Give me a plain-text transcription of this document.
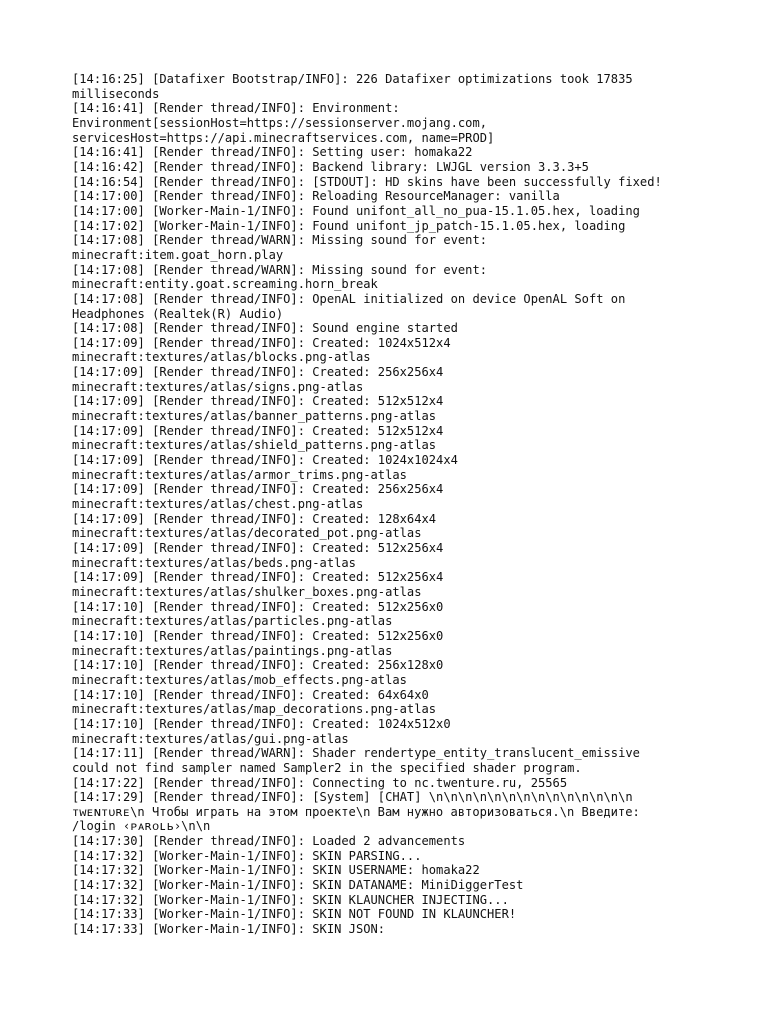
[14:16:25] [Datafixer Bootstrap/INFO]: 226 Datafixer optimizations took 17835
milliseconds
[14:16:41] [Render thread/INFO]: Environment:
Environment[sessionHost=https://sessionserver.mojang.com,
servicesHost=https://api.minecraftservices.com, name=PROD]
[14:16:41] [Render thread/INFO]: Setting user: homaka22
[14:16:42] [Render thread/INFO]: Backend library: LWJGL version 3.3.3+5
[14:16:54] [Render thread/INFO]: [STDOUT]: HD skins have been successfully fixed!
[14:17:00] [Render thread/INFO]: Reloading ResourceManager: vanilla
[14:17:00] [Worker-Main-1/INFO]: Found unifont_all_no_pua-15.1.05.hex, loading
[14:17:02] [Worker-Main-1/INFO]: Found unifont_jp_patch-15.1.05.hex, loading
[14:17:08] [Render thread/WARN]: Missing sound for event:
minecraft:item.goat_horn.play
[14:17:08] [Render thread/WARN]: Missing sound for event:
minecraft:entity.goat.screaming.horn_break
[14:17:08] [Render thread/INFO]: OpenAL initialized on device OpenAL Soft on
Headphones (Realtek(R) Audio)
[14:17:08] [Render thread/INFO]: Sound engine started
[14:17:09] [Render thread/INFO]: Created: 1024x512x4
minecraft:textures/atlas/blocks.png-atlas
[14:17:09] [Render thread/INFO]: Created: 256x256x4
minecraft:textures/atlas/signs.png-atlas
[14:17:09] [Render thread/INFO]: Created: 512x512x4
minecraft:textures/atlas/banner_patterns.png-atlas
[14:17:09] [Render thread/INFO]: Created: 512x512x4
minecraft:textures/atlas/shield_patterns.png-atlas
[14:17:09] [Render thread/INFO]: Created: 1024x1024x4
minecraft:textures/atlas/armor_trims.png-atlas
[14:17:09] [Render thread/INFO]: Created: 256x256x4
minecraft:textures/atlas/chest.png-atlas
[14:17:09] [Render thread/INFO]: Created: 128x64x4
minecraft:textures/atlas/decorated_pot.png-atlas
[14:17:09] [Render thread/INFO]: Created: 512x256x4
minecraft:textures/atlas/beds.png-atlas
[14:17:09] [Render thread/INFO]: Created: 512x256x4
minecraft:textures/atlas/shulker_boxes.png-atlas
[14:17:10] [Render thread/INFO]: Created: 512x256x0
minecraft:textures/atlas/particles.png-atlas
[14:17:10] [Render thread/INFO]: Created: 512x256x0
minecraft:textures/atlas/paintings.png-atlas
[14:17:10] [Render thread/INFO]: Created: 256x128x0
minecraft:textures/atlas/mob_effects.png-atlas
[14:17:10] [Render thread/INFO]: Created: 64x64x0
minecraft:textures/atlas/map_decorations.png-atlas
[14:17:10] [Render thread/INFO]: Created: 1024x512x0
minecraft:textures/atlas/gui.png-atlas
[14:17:11] [Render thread/WARN]: Shader rendertype_entity_translucent_emissive
could not find sampler named Sampler2 in the specified shader program.
[14:17:22] [Render thread/INFO]: Connecting to nc.twenture.ru, 25565
[14:17:29] [Render thread/INFO]: [System] [CHAT] \n\n\n\n\n\n\n\n\n\n\n\n\n\n
ᴛᴡᴇɴᴛᴜʀᴇ\n Чтобы играть на этом проекте\n Вам нужно авторизоваться.\n Введите:
/login ‹ᴘᴀʀᴏʟь›\n\n
[14:17:30] [Render thread/INFO]: Loaded 2 advancements
[14:17:32] [Worker-Main-1/INFO]: SKIN PARSING...
[14:17:32] [Worker-Main-1/INFO]: SKIN USERNAME: homaka22
[14:17:32] [Worker-Main-1/INFO]: SKIN DATANAME: MiniDiggerTest
[14:17:32] [Worker-Main-1/INFO]: SKIN KLAUNCHER INJECTING...
[14:17:33] [Worker-Main-1/INFO]: SKIN NOT FOUND IN KLAUNCHER!
[14:17:33] [Worker-Main-1/INFO]: SKIN JSON:
